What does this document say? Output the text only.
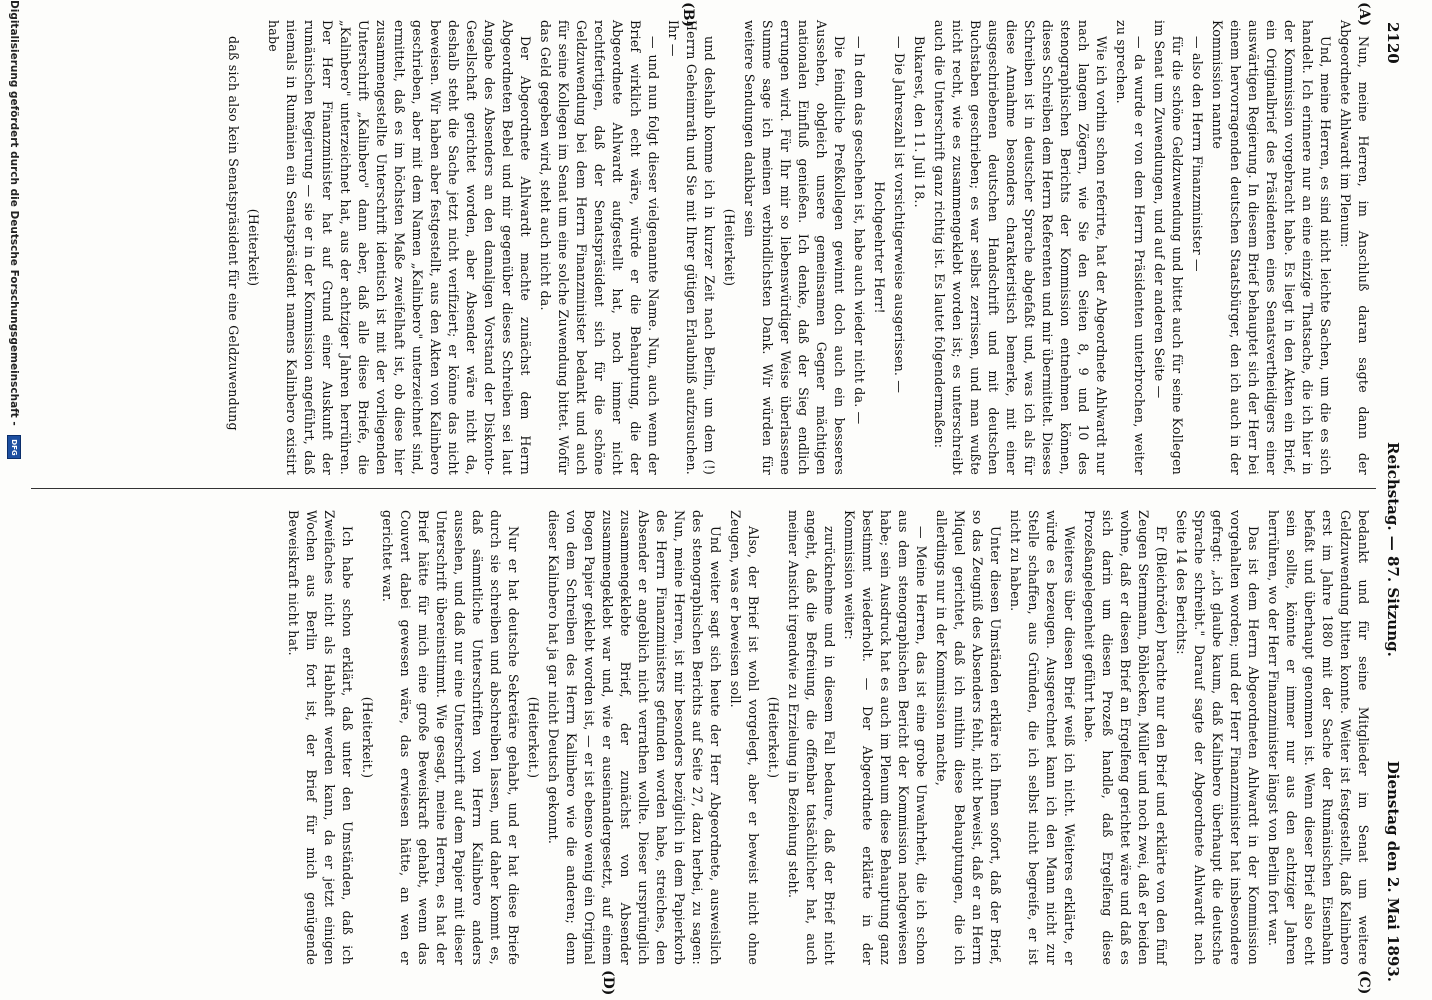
2120
Reichstag. — 87. Sitzung.
Dienstag den 2. Mai 1893.
(A)
(B)
(C)
(D)

Nun, meine Herren, im Anschluß daran sagte dann der Abgeordnete Ahlwardt im Plenum:

Und, meine Herren, es sind nicht leichte Sachen, um die es sich handelt. Ich erinnere nur an eine einzige Thatsache, die ich hier in der Kommission vorgebracht habe. Es liegt in den Akten ein Brief, ein Originalbrief des Präsidenten eines Senatsvertheidigers einer auswärtigen Regierung. In diesem Brief behauptet sich der Herr bei einem hervorragenden deutschen Staatsbürger, den ich auch in der Kommission nannte

— also den Herrn Finanzminister —

für die schöne Geldzuwendung und bittet auch für seine Kollegen im Senat um Zuwendungen, und auf der anderen Seite —

— da wurde er von dem Herrn Präsidenten unterbrochen, weiter zu sprechen.

Wie ich vorhin schon referirte, hat der Abgeordnete Ahlwardt nur nach langem Zögern, wie Sie den Seiten 8, 9 und 10 des stenographischen Berichts der Kommission entnehmen können, dieses Schreiben dem Herrn Referenten und mir übermittelt. Dieses Schreiben ist in deutscher Sprache abgefaßt und, was ich als für diese Annahme besonders charakteristisch bemerke, mit einer ausgeschriebenen deutschen Handschrift und mit deutschen Buchstaben geschrieben; es war selbst zerrissen, und man wußte nicht recht, wie es zusammengeklebt worden ist; es unterschreibt auch die Unterschrift ganz richtig ist. Es lautet folgendermaßen:

Bukarest, den 11. Juli 18..

— Die Jahreszahl ist vorsichtigerweise ausgerissen. —

Hochgeehrter Herr!

— In dem das geschehen ist, habe auch wieder nicht da. —

Die feindliche Preßkollegen gewinnt doch auch ein besseres Aussehen, obgleich unsere gemeinsamen Gegner mächtigen nationalen Einfluß genießen. Ich denke, daß der Sieg endlich errungen wird. Für Ihr mir so liebenswürdiger Weise überlassene Summe sage ich meinen verbindlichsten Dank. Wir würden für weitere Sendungen dankbar sein

(Heiterkeit)

und deshalb komme ich in kurzer Zeit nach Berlin, um dem (!) Herrn Geheimrath und Sie mit Ihrer gütigen Erlaubniß aufzusuchen. Ihr —

— und nun folgt dieser vielgenannte Name. Nun, auch wenn der Brief wirklich echt wäre, würde er die Behauptung, die der Abgeordnete Ahlwardt aufgestellt hat, noch immer nicht rechtfertigen, daß der Senatspräsident sich für die schöne Geldzuwendung bei dem Herrn Finanzminister bedankt und auch für seine Kollegen im Senat um eine solche Zuwendung bittet. Wofür das Geld gegeben wird, steht auch nicht da.

Der Abgeordnete Ahlwardt machte zunächst dem Herrn Abgeordneten Bebel und mir gegenüber dieses Schreiben sei laut Angabe des Absenders an den damaligen Vorstand der Diskonto-Gesellschaft gerichtet worden, aber Absender wäre nicht da, deshalb steht die Sache jetzt nicht verifiziert; er könne das nicht beweisen. Wir haben aber festgestellt, aus den Akten von Kalinbero geschrieben, aber mit dem Namen „Kalinbero" unterzeichnet sind, ermittelt, daß es im höchsten Maße zweifelhaft ist, ob diese hier zusammengestellte Unterschrift identisch ist mit der vorliegenden Unterschrift „Kalinbero" dann aber, daß alle diese Briefe, die „Kalinbero" unterzeichnet hat, aus der achtziger Jahren herrühren. Der Herr Finanzminister hat auf Grund einer Auskunft der rumänischen Regierung — sie er in der Kommission angeführt, daß niemals in Rumänien ein Senatspräsident namens Kalinbero existirt habe

(Heiterkeit)

daß sich also kein Senatspräsident für eine Geldzuwendung

bedankt und für seine Mitglieder im Senat um weitere Geldzuwendung bitten konnte. Weiter ist festgestellt, daß Kalinbero erst im Jahre 1880 mit der Sache der Rumänischen Eisenbahn befaßt und überhaupt genommen ist. Wenn dieser Brief also echt sein sollte, könnte er immer nur aus den achtziger Jahren herrühren, wo der Herr Finanzminister längst von Berlin fort war.

Das ist dem Herrn Abgeordneten Ahlwardt in der Kommission vorgehalten worden; und der Herr Finanzminister hat insbesondere gefragt: „ich glaube kaum, daß Kalinbero überhaupt die deutsche Sprache schreibt." Darauf sagte der Abgeordnete Ahlwardt nach Seite 14 des Berichts:

Er (Bleichröder) brachte nur den Brief und erklärte von den fünf Zeugen Sternmann, Böhlecken, Müller und noch zwei, daß er beiden wohne, daß er diesen Brief an Ergelfeng gerichtet wäre und daß es sich darin um diesen Prozeß handle, daß Ergelfeng diese Prozeßangelegenheit geführt habe.

Weiteres über diesen Brief weiß ich nicht. Weiteres erklärte, er würde es bezeugen. Ausgerechnet kann ich den Mann nicht zur Stelle schaffen, aus Gründen, die ich selbst nicht begreife, er ist nicht zu haben.

Unter diesen Umständen erkläre ich Ihnen sofort, daß der Brief, so das Zeugniß des Absenders fehlt, nicht beweist, daß er an Herrn Miquel gerichtet, daß ich mithin diese Behauptungen, die ich allerdings nur in der Kommission machte,

— Meine Herren, das ist eine grobe Unwahrheit, die ich schon aus dem stenographischen Bericht der Kommission nachgewiesen habe; sein Ausdruck hat es auch im Plenum diese Behauptung ganz bestimmt wiederholt. — Der Abgeordnete erklärte in der Kommission weiter:

zurücknehme und in diesem Fall bedaure, daß der Brief nicht angeht, daß die Befreiung, die offenbar tatsächlicher hat, auch meiner Ansicht irgendwie zu Erzielung in Beziehung steht.

(Heiterkeit.)

Also, der Brief ist wohl vorgelegt, aber er beweist nicht ohne Zeugen, was er beweisen soll.

Und weiter sagt sich heute der Herr Abgeordnete, ausweislich des stenographischen Berichts auf Seite 27, dazu herbei, zu sagen: Nun, meine Herren, ist mir besonders bezüglich in dem Papierkorb des Herrn Finanzministers gefunden worden habe, streiches, den Absender er angeblich nicht verrathen wollte. Dieser ursprünglich zusammengeklebte Brief, der zunächst von Absender zusammengeklebt war und, wie er auseinandergesetzt, auf einem Bogen Papier geklebt worden ist, — er ist ebenso wenig ein Original von dem Schreiben des Herrn Kalinbero wie die anderen; denn dieser Kalinbero hat ja gar nicht Deutsch gekonnt.

(Heiterkeit.)

Nur er hat deutsche Sekretäre gehabt, und er hat diese Briefe durch sie schreiben und abschreiben lassen, und daher kommt es, daß sämmtliche Unterschriften von Herrn Kalinbero anders aussehen, und daß nur eine Unterschrift auf dem Papier mit dieser Unterschrift übereinstimmt. Wie gesagt, meine Herren, es hat der Brief hätte für mich eine große Beweiskraft gehabt, wenn das Couvert dabei gewesen wäre, das erwiesen hätte, an wen er gerichtet war.

(Heiterkeit.)

Ich habe schon erklärt, daß unter den Umständen, daß ich Zweifaches nicht als Habhaft werden kann, da er jetzt einigen Wochen aus Berlin fort ist, der Brief für mich genügende Beweiskraft nicht hat.

Digitalisierung gefördert durch die Deutsche Forschungsgemeinschaft - DFG
